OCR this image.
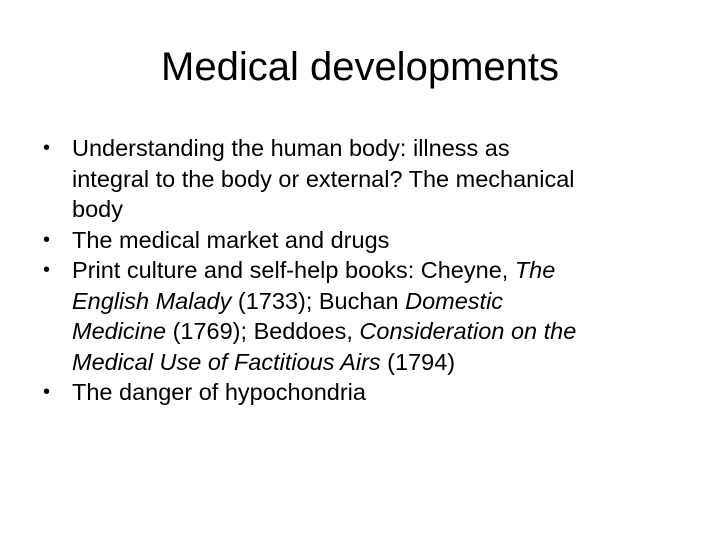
Medical developments
• Understanding the human body: illness as
integral to the body or external? The mechanical
body
• The medical market and drugs
• Print culture and self-help books: Cheyne, The
English Malady (1733); Buchan Domestic
Medicine (1769); Beddoes, Consideration on the
Medical Use of Factitious Airs (1794)
• The danger of hypochondria
